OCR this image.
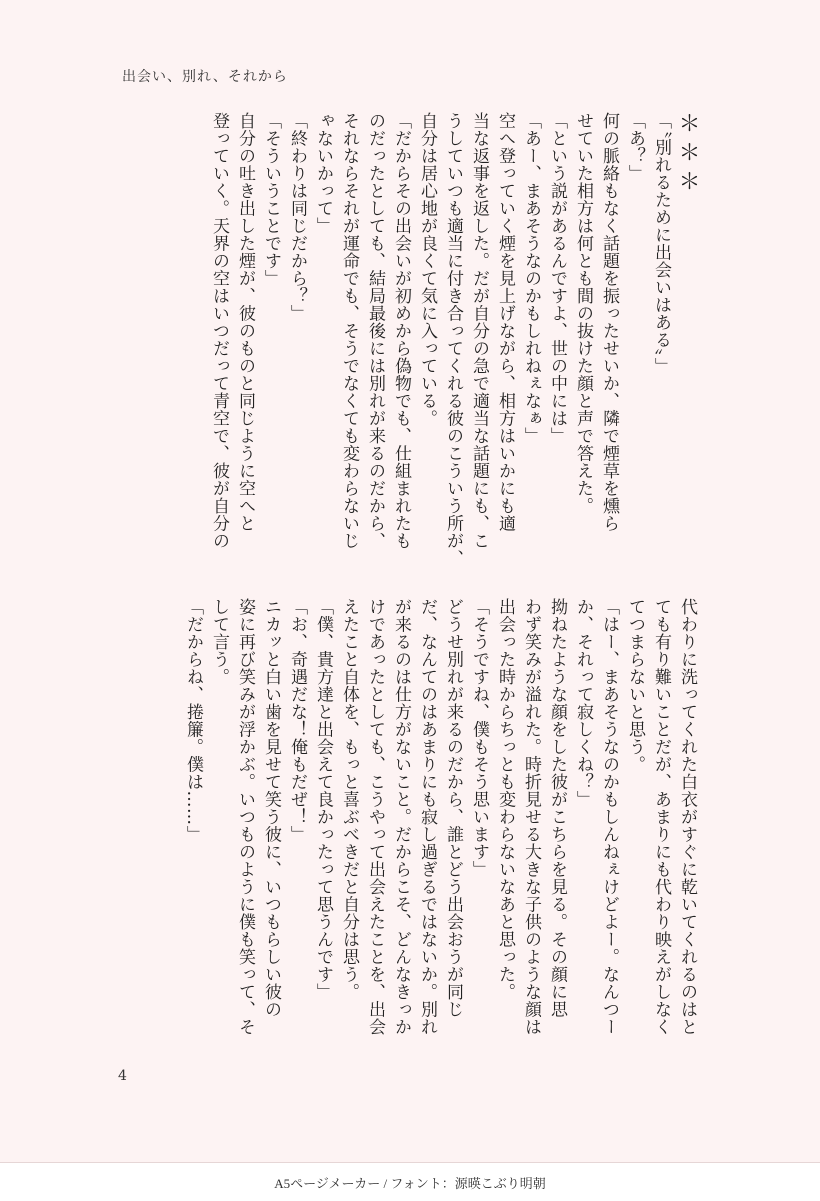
出会い、別れ、それから
＊＊＊
「〝別れるために出会いはある〟」
「あ？」
何の脈絡もなく話題を振ったせいか、隣で煙草を燻ら
せていた相方は何とも間の抜けた顔と声で答えた。
「という説があるんですよ、世の中には」
「あー、まあそうなのかもしれねぇなぁ」
空へ登っていく煙を見上げながら、相方はいかにも適
当な返事を返した。だが自分の急で適当な話題にも、こ
うしていつも適当に付き合ってくれる彼のこういう所が、
自分は居心地が良くて気に入っている。
「だからその出会いが初めから偽物でも、仕組まれたも
のだったとしても、結局最後には別れが来るのだから、
それならそれが運命でも、そうでなくても変わらないじ
ゃないかって」
「終わりは同じだから？」
「そういうことです」
自分の吐き出した煙が、彼のものと同じように空へと
登っていく。天界の空はいつだって青空で、彼が自分の
代わりに洗ってくれた白衣がすぐに乾いてくれるのはと
ても有り難いことだが、あまりにも代わり映えがしなく
てつまらないと思う。
「はー、まあそうなのかもしんねぇけどよー。なんつー
か、それって寂しくね？」
拗ねたような顔をした彼がこちらを見る。その顔に思
わず笑みが溢れた。時折見せる大きな子供のような顔は
出会った時からちっとも変わらないなあと思った。
「そうですね、僕もそう思います」
どうせ別れが来るのだから、誰とどう出会おうが同じ
だ、なんてのはあまりにも寂し過ぎるではないか。別れ
が来るのは仕方がないこと。だからこそ、どんなきっか
けであったとしても、こうやって出会えたことを、出会
えたこと自体を、もっと喜ぶべきだと自分は思う。
「僕、貴方達と出会えて良かったって思うんです」
「お、奇遇だな！俺もだぜ！」
ニカッと白い歯を見せて笑う彼に、いつもらしい彼の
姿に再び笑みが浮かぶ。いつものように僕も笑って、そ
して言う。
「だからね、捲簾。僕は……」
4
A5ページメーカー / フォント：源暎こぶり明朝
